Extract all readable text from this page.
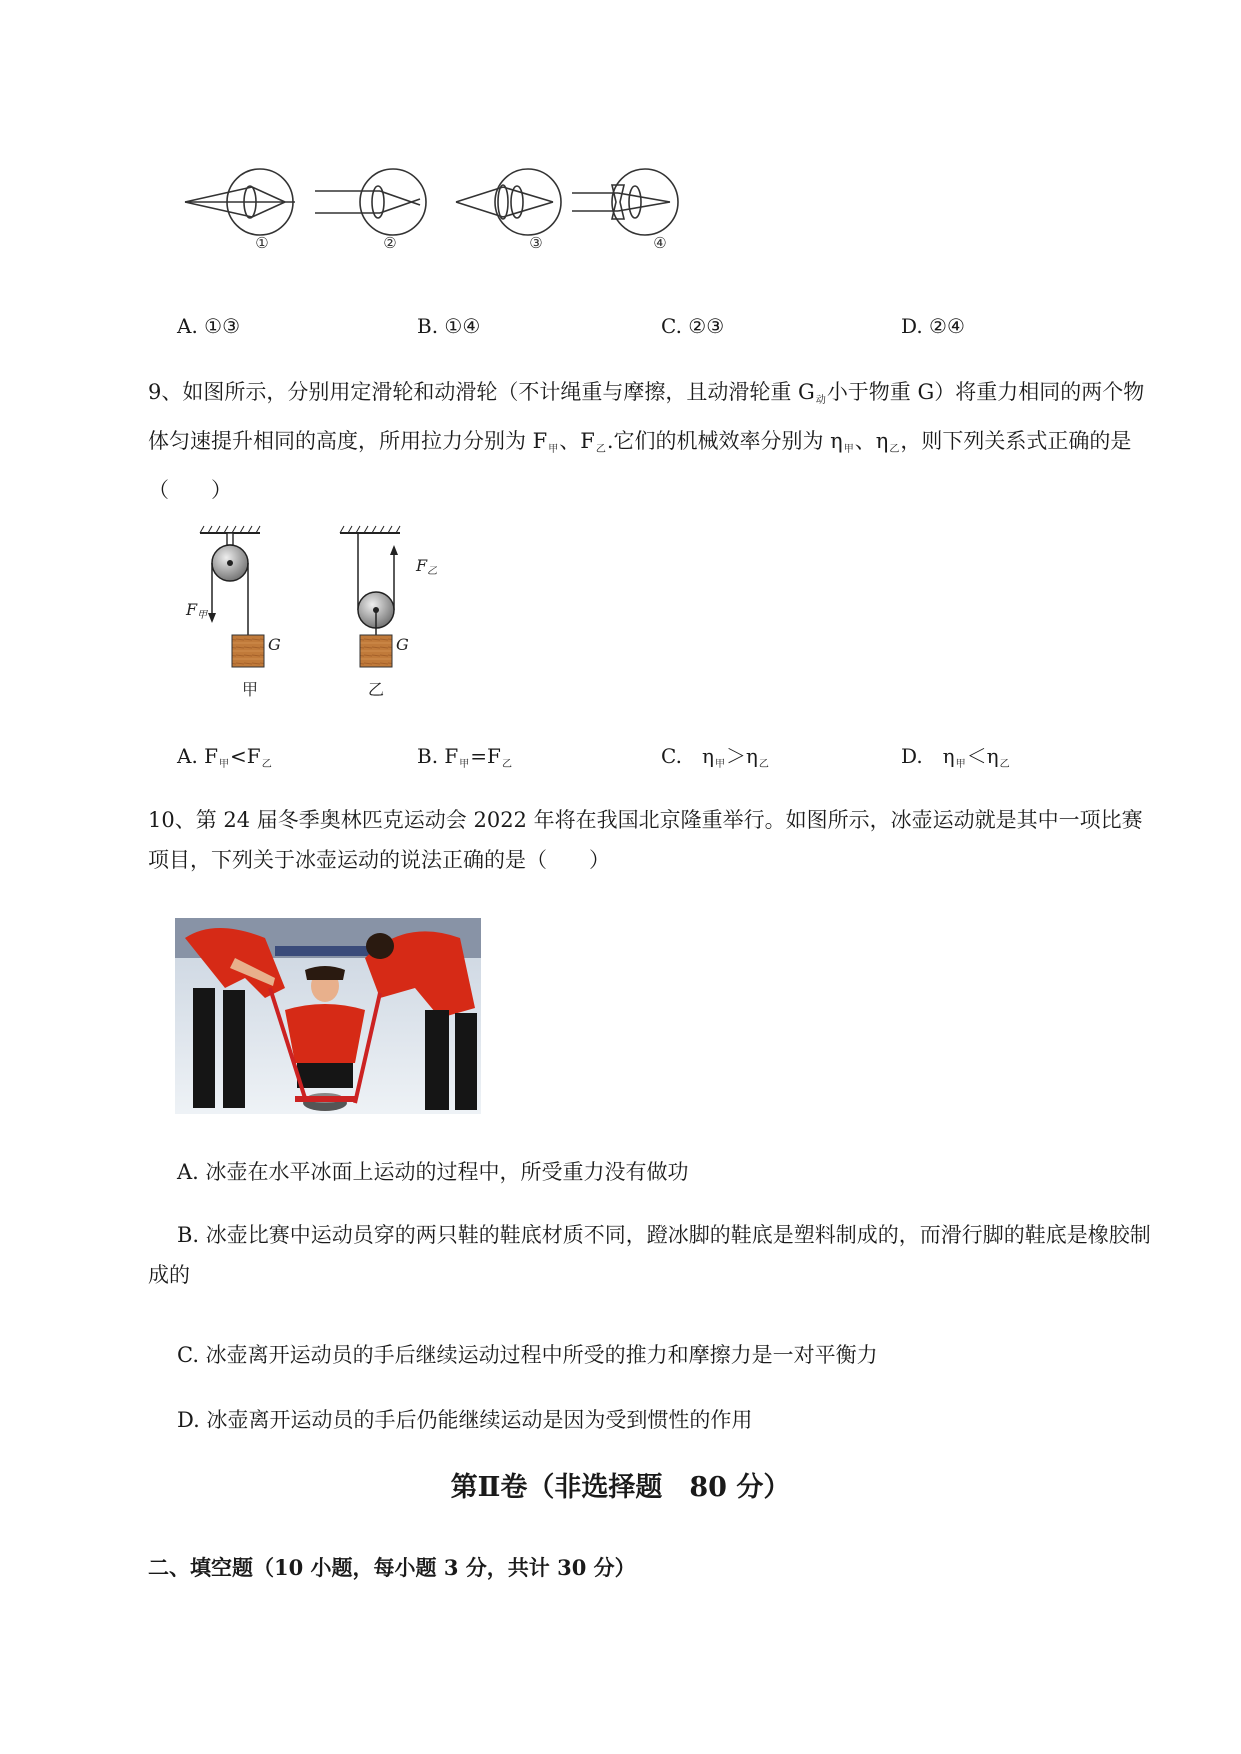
①	②	③	④
A. ①③	B. ①④	C. ②③	D. ②④
9、如图所示，分别用定滑轮和动滑轮（不计绳重与摩擦，且动滑轮重 $G_动$小于物重 G）将重力相同的两个物体匀速提升相同的高度，所用拉力分别为 $F_甲$、$F_乙$.它们的机械效率分别为 $\eta_甲$、$\eta_乙$，则下列关系式正确的是（　　）
F甲
G
甲
F乙
G
乙
A. $F_甲<F_乙$	B. $F_甲=F_乙$	C.　$\eta_甲>\eta_乙$	D.　$\eta_甲<\eta_乙$
10、第 24 届冬季奥林匹克运动会 2022 年将在我国北京隆重举行。如图所示，冰壶运动就是其中一项比赛项目，下列关于冰壶运动的说法正确的是（　　）
A. 冰壶在水平冰面上运动的过程中，所受重力没有做功
B. 冰壶比赛中运动员穿的两只鞋的鞋底材质不同，蹬冰脚的鞋底是塑料制成的，而滑行脚的鞋底是橡胶制成的
C. 冰壶离开运动员的手后继续运动过程中所受的推力和摩擦力是一对平衡力
D. 冰壶离开运动员的手后仍能继续运动是因为受到惯性的作用
第Ⅱ卷（非选择题　80 分）
二、填空题（10 小题，每小题 3 分，共计 30 分）
